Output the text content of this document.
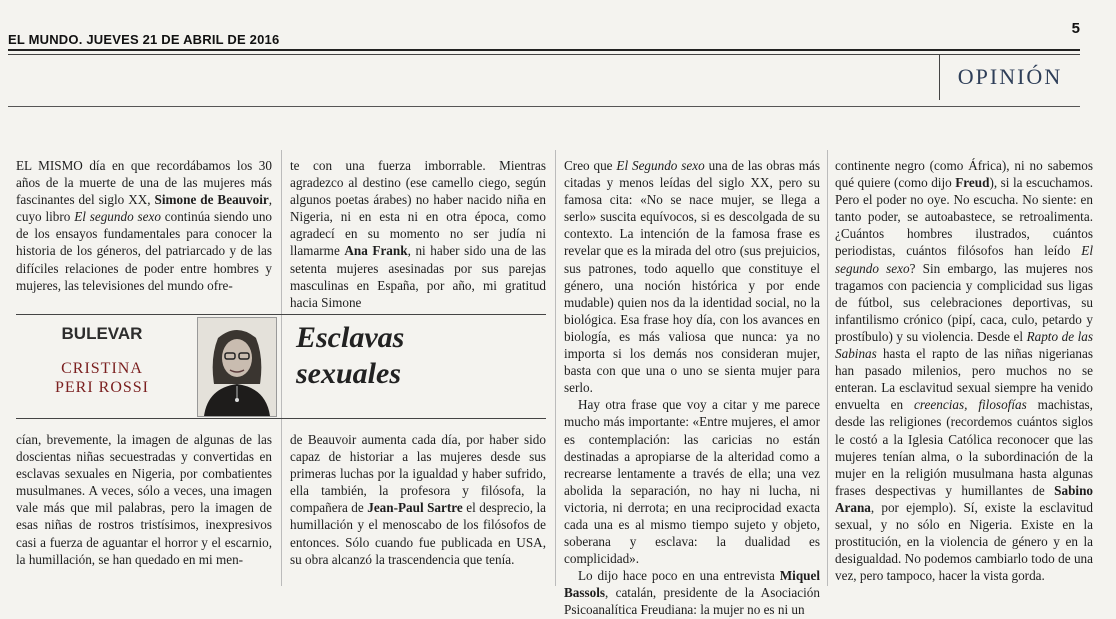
EL MUNDO. JUEVES 21 DE ABRIL DE 2016
5
OPINIÓN

EL MISMO día en que recordábamos los 30 años de la muerte de una de las mujeres más fascinantes del siglo XX, Simone de Beauvoir, cuyo libro El segundo sexo continúa siendo uno de los ensayos fundamentales para conocer la historia de los géneros, del patriarcado y de las difíciles relaciones de poder entre hombres y mujeres, las televisiones del mundo ofre-

te con una fuerza imborrable. Mientras agradezco al destino (ese camello ciego, según algunos poetas árabes) no haber nacido niña en Nigeria, ni en esta ni en otra época, como agradecí en su momento no ser judía ni llamarme Ana Frank, ni haber sido una de las setenta mujeres asesinadas por sus parejas masculinas en España, por año, mi gratitud hacia Simone

BULEVAR
CRISTINA
PERI ROSSI
Esclavas
sexuales

cían, brevemente, la imagen de algunas de las doscientas niñas secuestradas y convertidas en esclavas sexuales en Nigeria, por combatientes musulmanes. A veces, sólo a veces, una imagen vale más que mil palabras, pero la imagen de esas niñas de rostros tristísimos, inexpresivos casi a fuerza de aguantar el horror y el escarnio, la humillación, se han quedado en mi men-

de Beauvoir aumenta cada día, por haber sido capaz de historiar a las mujeres desde sus primeras luchas por la igualdad y haber sufrido, ella también, la profesora y filósofa, la compañera de Jean-Paul Sartre el desprecio, la humillación y el menoscabo de los filósofos de entonces. Sólo cuando fue publicada en USA, su obra alcanzó la trascendencia que tenía.

Creo que El Segundo sexo una de las obras más citadas y menos leídas del siglo XX, pero su famosa cita: «No se nace mujer, se llega a serlo» suscita equívocos, si es descolgada de su contexto. La intención de la famosa frase es revelar que es la mirada del otro (sus prejuicios, sus patrones, todo aquello que constituye el género, una noción histórica y por ende mudable) quien nos da la identidad social, no la biológica. Esa frase hoy día, con los avances en biología, es más valiosa que nunca: ya no importa si los demás nos consideran mujer, basta con que una o uno se sienta mujer para serlo.

Hay otra frase que voy a citar y me parece mucho más importante: «Entre mujeres, el amor es contemplación: las caricias no están destinadas a apropiarse de la alteridad como a recrearse lentamente a través de ella; una vez abolida la separación, no hay ni lucha, ni victoria, ni derrota; en una reciprocidad exacta cada una es al mismo tiempo sujeto y objeto, soberana y esclava: la dualidad es complicidad».

Lo dijo hace poco en una entrevista Miquel Bassols, catalán, presidente de la Asociación Psicoanalítica Freudiana: la mujer no es ni un

continente negro (como África), ni no sabemos qué quiere (como dijo Freud), si la escuchamos. Pero el poder no oye. No escucha. No siente: en tanto poder, se autoabastece, se retroalimenta. ¿Cuántos hombres ilustrados, cuántos periodistas, cuántos filósofos han leído El segundo sexo? Sin embargo, las mujeres nos tragamos con paciencia y complicidad sus ligas de fútbol, sus celebraciones deportivas, su infantilismo crónico (pipí, caca, culo, petardo y prostíbulo) y su violencia. Desde el Rapto de las Sabinas hasta el rapto de las niñas nigerianas han pasado milenios, pero muchos no se enteran. La esclavitud sexual siempre ha venido envuelta en creencias, filosofías machistas, desde las religiones (recordemos cuántos siglos le costó a la Iglesia Católica reconocer que las mujeres tenían alma, o la subordinación de la mujer en la religión musulmana hasta algunas frases despectivas y humillantes de Sabino Arana, por ejemplo). Sí, existe la esclavitud sexual, y no sólo en Nigeria. Existe en la prostitución, en la violencia de género y en la desigualdad. No podemos cambiarlo todo de una vez, pero tampoco, hacer la vista gorda.
